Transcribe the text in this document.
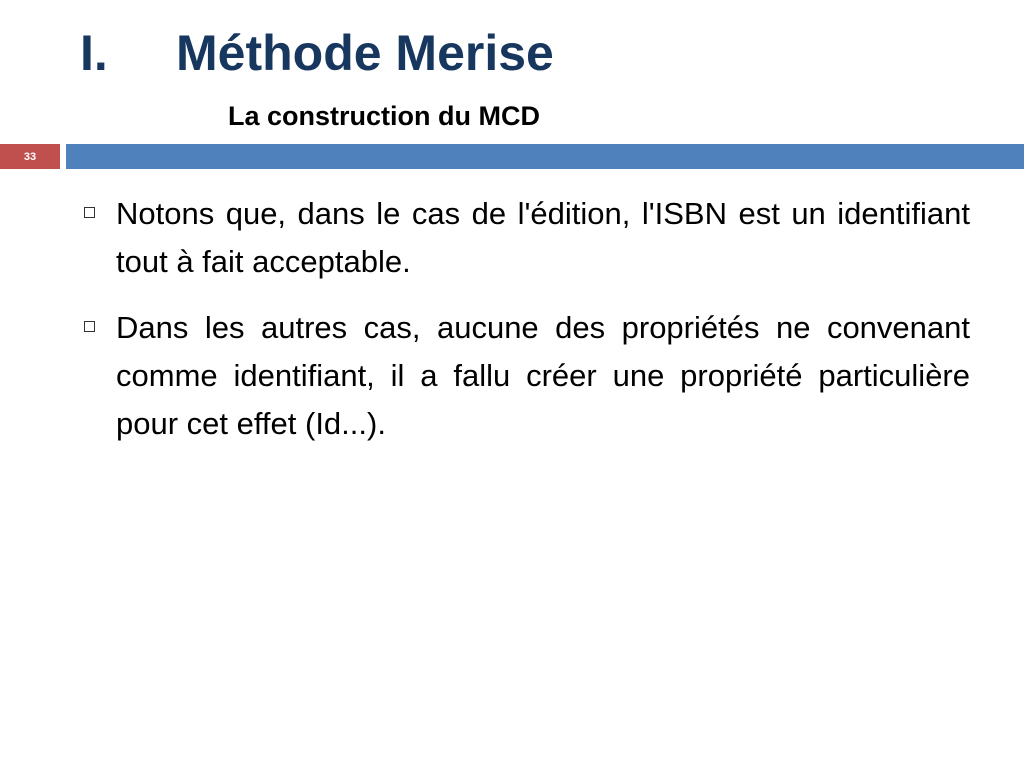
I. Méthode Merise
La construction du MCD
33
Notons que, dans le cas de l'édition, l'ISBN est un identifiant tout à fait acceptable.
Dans les autres cas, aucune des propriétés ne convenant comme identifiant, il a fallu créer une propriété particulière pour cet effet (Id...).
